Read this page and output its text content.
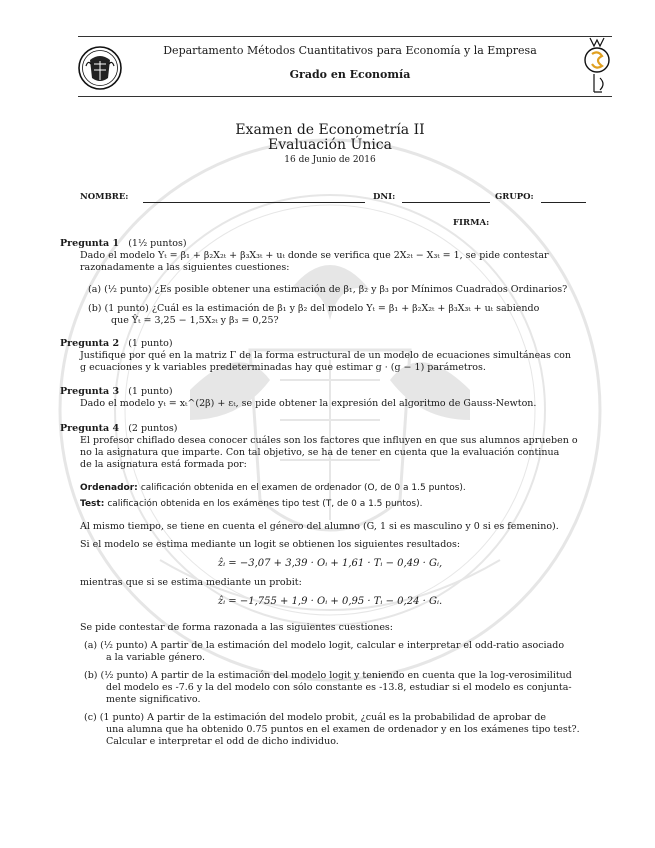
Departamento Métodos Cuantitativos para Economía y la Empresa
Grado en Economía
Examen de Econometría II
Evaluación Única
16 de Junio de 2016
NOMBRE:	DNI:	GRUPO:
FIRMA:
Pregunta 1 (1½ puntos)
Dado el modelo Yₜ = β₁ + β₂X₂ₜ + β₃X₃ₜ + uₜ donde se verifica que 2X₂ₜ − X₃ₜ = 1, se pide contestar
razonadamente a las siguientes cuestiones:
(a) (½ punto) ¿Es posible obtener una estimación de β₁, β₂ y β₃ por Mínimos Cuadrados Ordinarios?
(b) (1 punto) ¿Cuál es la estimación de β₁ y β₂ del modelo Yₜ = β₁ + β₂X₂ₜ + β₃X₃ₜ + uₜ sabiendo
que Ŷₜ = 3,25 − 1,5X₂ₜ y β₃ = 0,25?
Pregunta 2 (1 punto)
Justifique por qué en la matriz Γ de la forma estructural de un modelo de ecuaciones simultáneas con
g ecuaciones y k variables predeterminadas hay que estimar g · (g − 1) parámetros.
Pregunta 3 (1 punto)
Dado el modelo yₜ = xₜ^(2β) + εₜ, se pide obtener la expresión del algoritmo de Gauss-Newton.
Pregunta 4 (2 puntos)
El profesor chiflado desea conocer cuáles son los factores que influyen en que sus alumnos aprueben o
no la asignatura que imparte. Con tal objetivo, se ha de tener en cuenta que la evaluación continua
de la asignatura está formada por:
Ordenador: calificación obtenida en el examen de ordenador (O, de 0 a 1.5 puntos).
Test: calificación obtenida en los exámenes tipo test (T, de 0 a 1.5 puntos).
Al mismo tiempo, se tiene en cuenta el género del alumno (G, 1 si es masculino y 0 si es femenino).
Si el modelo se estima mediante un logit se obtienen los siguientes resultados:
ẑᵢ = −3,07 + 3,39 · Oᵢ + 1,61 · Tᵢ − 0,49 · Gᵢ,
mientras que si se estima mediante un probit:
ẑᵢ = −1,755 + 1,9 · Oᵢ + 0,95 · Tᵢ − 0,24 · Gᵢ.
Se pide contestar de forma razonada a las siguientes cuestiones:
(a) (½ punto) A partir de la estimación del modelo logit, calcular e interpretar el odd-ratio asociado
a la variable género.
(b) (½ punto) A partir de la estimación del modelo logit y teniendo en cuenta que la log-verosimilitud
del modelo es -7.6 y la del modelo con sólo constante es -13.8, estudiar si el modelo es conjunta-
mente significativo.
(c) (1 punto) A partir de la estimación del modelo probit, ¿cuál es la probabilidad de aprobar de
una alumna que ha obtenido 0.75 puntos en el examen de ordenador y en los exámenes tipo test?.
Calcular e interpretar el odd de dicho individuo.
